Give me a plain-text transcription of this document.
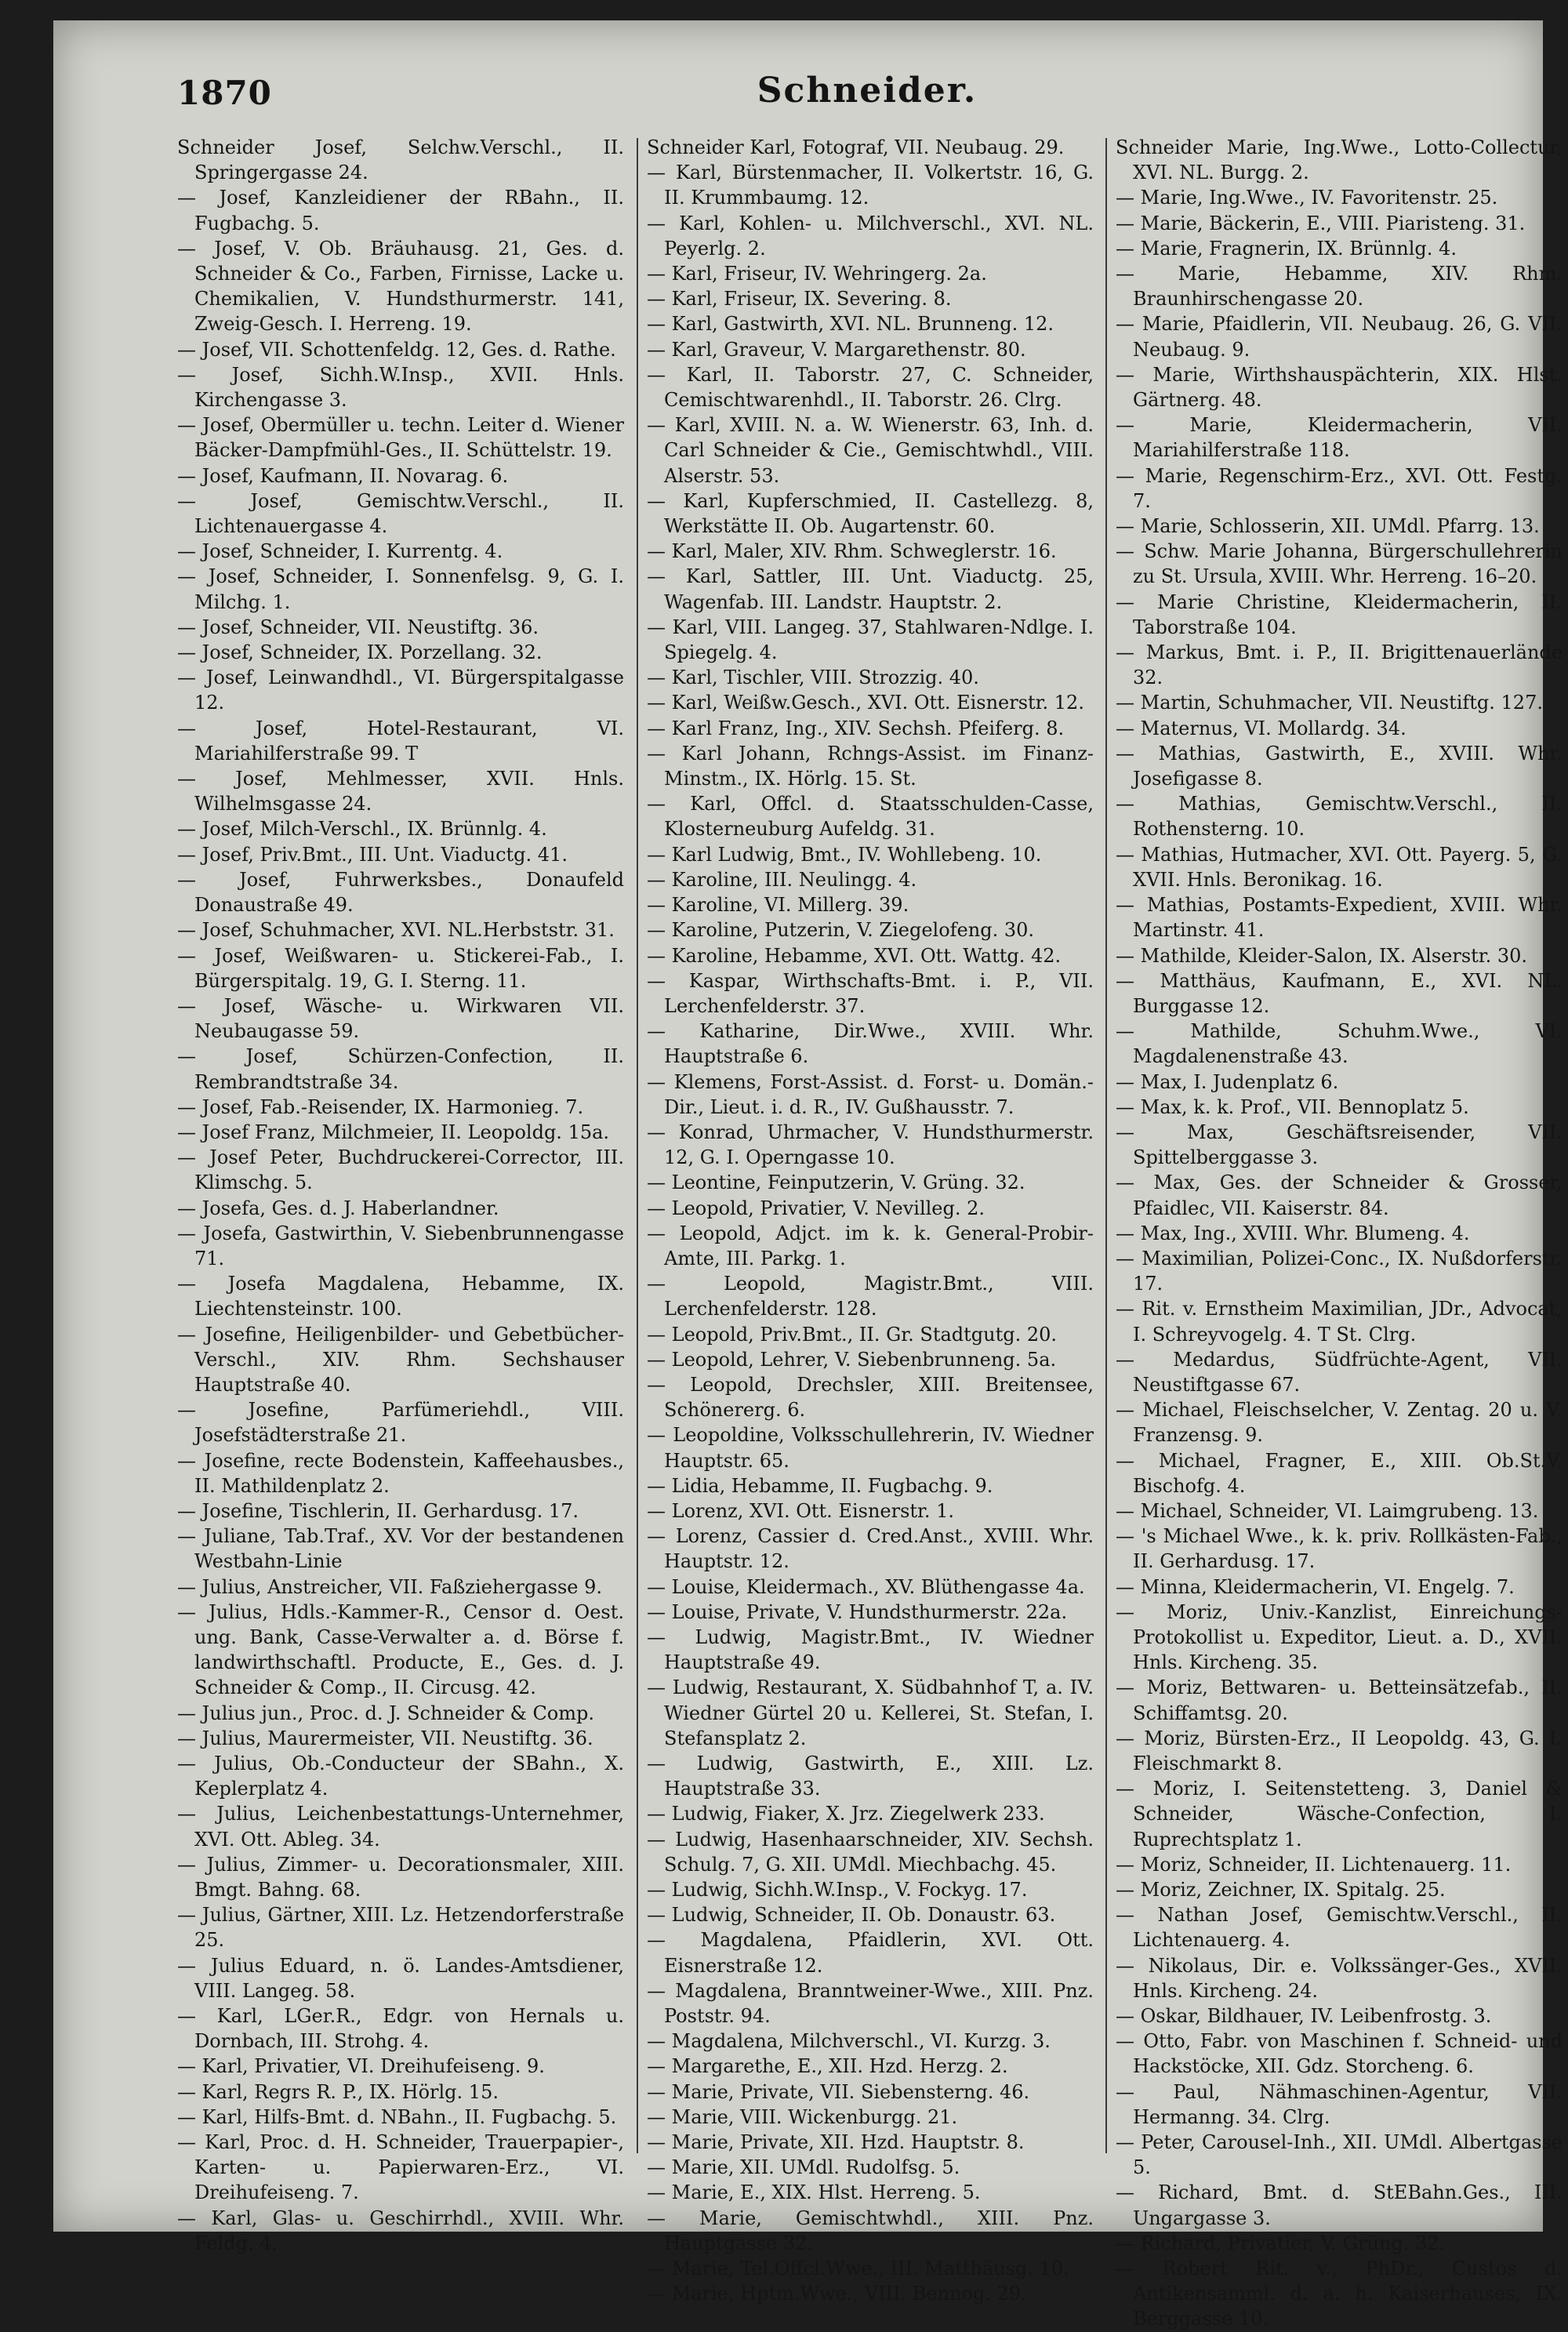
1870	Schneider.

Schneider Josef, Selchw.Verschl., II. Springergasse 24.

— Josef, Kanzleidiener der RBahn., II. Fugbachg. 5.

— Josef, V. Ob. Bräuhausg. 21, Ges. d. Schneider & Co., Farben, Firnisse, Lacke u. Chemikalien, V. Hundsthurmerstr. 141, Zweig-Gesch. I. Herreng. 19.

— Josef, VII. Schottenfeldg. 12, Ges. d. Rathe.

— Josef, Sichh.W.Insp., XVII. Hnls. Kirchengasse 3.

— Josef, Obermüller u. techn. Leiter d. Wiener Bäcker-Dampfmühl-Ges., II. Schüttelstr. 19.

— Josef, Kaufmann, II. Novarag. 6.

— Josef, Gemischtw.Verschl., II. Lichtenauergasse 4.

— Josef, Schneider, I. Kurrentg. 4.

— Josef, Schneider, I. Sonnenfelsg. 9, G. I. Milchg. 1.

— Josef, Schneider, VII. Neustiftg. 36.

— Josef, Schneider, IX. Porzellang. 32.

— Josef, Leinwandhdl., VI. Bürgerspitalgasse 12.

— Josef, Hotel-Restaurant, VI. Mariahilferstraße 99. T

— Josef, Mehlmesser, XVII. Hnls. Wilhelmsgasse 24.

— Josef, Milch-Verschl., IX. Brünnlg. 4.

— Josef, Priv.Bmt., III. Unt. Viaductg. 41.

— Josef, Fuhrwerksbes., Donaufeld Donaustraße 49.

— Josef, Schuhmacher, XVI. NL.Herbststr. 31.

— Josef, Weißwaren- u. Stickerei-Fab., I. Bürgerspitalg. 19, G. I. Sterng. 11.

— Josef, Wäsche- u. Wirkwaren VII. Neubaugasse 59.

— Josef, Schürzen-Confection, II. Rembrandtstraße 34.

— Josef, Fab.-Reisender, IX. Harmonieg. 7.

— Josef Franz, Milchmeier, II. Leopoldg. 15a.

— Josef Peter, Buchdruckerei-Corrector, III. Klimschg. 5.

— Josefa, Ges. d. J. Haberlandner.

— Josefa, Gastwirthin, V. Siebenbrunnengasse 71.

— Josefa Magdalena, Hebamme, IX. Liechtensteinstr. 100.

— Josefine, Heiligenbilder- und Gebetbücher-Verschl., XIV. Rhm. Sechshauser Hauptstraße 40.

— Josefine, Parfümeriehdl., VIII. Josefstädterstraße 21.

— Josefine, recte Bodenstein, Kaffeehausbes., II. Mathildenplatz 2.

— Josefine, Tischlerin, II. Gerhardusg. 17.

— Juliane, Tab.Traf., XV. Vor der bestandenen Westbahn-Linie

— Julius, Anstreicher, VII. Faßziehergasse 9.

— Julius, Hdls.-Kammer-R., Censor d. Oest. ung. Bank, Casse-Verwalter a. d. Börse f. landwirthschaftl. Producte, E., Ges. d. J. Schneider & Comp., II. Circusg. 42.

— Julius jun., Proc. d. J. Schneider & Comp.

— Julius, Maurermeister, VII. Neustiftg. 36.

— Julius, Ob.-Conducteur der SBahn., X. Keplerplatz 4.

— Julius, Leichenbestattungs-Unternehmer, XVI. Ott. Ableg. 34.

— Julius, Zimmer- u. Decorationsmaler, XIII. Bmgt. Bahng. 68.

— Julius, Gärtner, XIII. Lz. Hetzendorferstraße 25.

— Julius Eduard, n. ö. Landes-Amtsdiener, VIII. Langeg. 58.

— Karl, LGer.R., Edgr. von Hernals u. Dornbach, III. Strohg. 4.

— Karl, Privatier, VI. Dreihufeiseng. 9.

— Karl, Regrs R. P., IX. Hörlg. 15.

— Karl, Hilfs-Bmt. d. NBahn., II. Fugbachg. 5.

— Karl, Proc. d. H. Schneider, Trauerpapier-, Karten- u. Papierwaren-Erz., VI. Dreihufeiseng. 7.

— Karl, Glas- u. Geschirrhdl., XVIII. Whr. Feldg. 4.

Schneider Karl, Fotograf, VII. Neubaug. 29.

— Karl, Bürstenmacher, II. Volkertstr. 16, G. II. Krummbaumg. 12.

— Karl, Kohlen- u. Milchverschl., XVI. NL. Peyerlg. 2.

— Karl, Friseur, IV. Wehringerg. 2a.

— Karl, Friseur, IX. Severing. 8.

— Karl, Gastwirth, XVI. NL. Brunneng. 12.

— Karl, Graveur, V. Margarethenstr. 80.

— Karl, II. Taborstr. 27, C. Schneider, Cemischtwarenhdl., II. Taborstr. 26. Clrg.

— Karl, XVIII. N. a. W. Wienerstr. 63, Inh. d. Carl Schneider & Cie., Gemischtwhdl., VIII. Alserstr. 53.

— Karl, Kupferschmied, II. Castellezg. 8, Werkstätte II. Ob. Augartenstr. 60.

— Karl, Maler, XIV. Rhm. Schweglerstr. 16.

— Karl, Sattler, III. Unt. Viaductg. 25, Wagenfab. III. Landstr. Hauptstr. 2.

— Karl, VIII. Langeg. 37, Stahlwaren-Ndlge. I. Spiegelg. 4.

— Karl, Tischler, VIII. Strozzig. 40.

— Karl, Weißw.Gesch., XVI. Ott. Eisnerstr. 12.

— Karl Franz, Ing., XIV. Sechsh. Pfeiferg. 8.

— Karl Johann, Rchngs-Assist. im Finanz-Minstm., IX. Hörlg. 15. St.

— Karl, Offcl. d. Staatsschulden-Casse, Klosterneuburg Aufeldg. 31.

— Karl Ludwig, Bmt., IV. Wohllebeng. 10.

— Karoline, III. Neulingg. 4.

— Karoline, VI. Millerg. 39.

— Karoline, Putzerin, V. Ziegelofeng. 30.

— Karoline, Hebamme, XVI. Ott. Wattg. 42.

— Kaspar, Wirthschafts-Bmt. i. P., VII. Lerchenfelderstr. 37.

— Katharine, Dir.Wwe., XVIII. Whr. Hauptstraße 6.

— Klemens, Forst-Assist. d. Forst- u. Domän.-Dir., Lieut. i. d. R., IV. Gußhausstr. 7.

— Konrad, Uhrmacher, V. Hundsthurmerstr. 12, G. I. Operngasse 10.

— Leontine, Feinputzerin, V. Grüng. 32.

— Leopold, Privatier, V. Nevilleg. 2.

— Leopold, Adjct. im k. k. General-Probir-Amte, III. Parkg. 1.

— Leopold, Magistr.Bmt., VIII. Lerchenfelderstr. 128.

— Leopold, Priv.Bmt., II. Gr. Stadtgutg. 20.

— Leopold, Lehrer, V. Siebenbrunneng. 5a.

— Leopold, Drechsler, XIII. Breitensee, Schönererg. 6.

— Leopoldine, Volksschullehrerin, IV. Wiedner Hauptstr. 65.

— Lidia, Hebamme, II. Fugbachg. 9.

— Lorenz, XVI. Ott. Eisnerstr. 1.

— Lorenz, Cassier d. Cred.Anst., XVIII. Whr. Hauptstr. 12.

— Louise, Kleidermach., XV. Blüthengasse 4a.

— Louise, Private, V. Hundsthurmerstr. 22a.

— Ludwig, Magistr.Bmt., IV. Wiedner Hauptstraße 49.

— Ludwig, Restaurant, X. Südbahnhof T, a. IV. Wiedner Gürtel 20 u. Kellerei, St. Stefan, I. Stefansplatz 2.

— Ludwig, Gastwirth, E., XIII. Lz. Hauptstraße 33.

— Ludwig, Fiaker, X. Jrz. Ziegelwerk 233.

— Ludwig, Hasenhaarschneider, XIV. Sechsh. Schulg. 7, G. XII. UMdl. Miechbachg. 45.

— Ludwig, Sichh.W.Insp., V. Fockyg. 17.

— Ludwig, Schneider, II. Ob. Donaustr. 63.

— Magdalena, Pfaidlerin, XVI. Ott. Eisnerstraße 12.

— Magdalena, Branntweiner-Wwe., XIII. Pnz. Poststr. 94.

— Magdalena, Milchverschl., VI. Kurzg. 3.

— Margarethe, E., XII. Hzd. Herzg. 2.

— Marie, Private, VII. Siebensterng. 46.

— Marie, VIII. Wickenburgg. 21.

— Marie, Private, XII. Hzd. Hauptstr. 8.

— Marie, XII. UMdl. Rudolfsg. 5.

— Marie, E., XIX. Hlst. Herreng. 5.

— Marie, Gemischtwhdl., XIII. Pnz. Hauptgasse 32.

— Marie, Tel.Offcl.Wwe., III. Matthäusg. 10.

— Marie, Hptm.Wwe., VIII. Bennog. 29.

Schneider Marie, Ing.Wwe., Lotto-Collectur, XVI. NL. Burgg. 2.

— Marie, Ing.Wwe., IV. Favoritenstr. 25.

— Marie, Bäckerin, E., VIII. Piaristeng. 31.

— Marie, Fragnerin, IX. Brünnlg. 4.

— Marie, Hebamme, XIV. Rhm. Braunhirschengasse 20.

— Marie, Pfaidlerin, VII. Neubaug. 26, G. VII. Neubaug. 9.

— Marie, Wirthshauspächterin, XIX. Hlst. Gärtnerg. 48.

— Marie, Kleidermacherin, VII. Mariahilferstraße 118.

— Marie, Regenschirm-Erz., XVI. Ott. Festg. 7.

— Marie, Schlosserin, XII. UMdl. Pfarrg. 13.

— Schw. Marie Johanna, Bürgerschullehrerin zu St. Ursula, XVIII. Whr. Herreng. 16–20.

— Marie Christine, Kleidermacherin, II. Taborstraße 104.

— Markus, Bmt. i. P., II. Brigittenauerlände 32.

— Martin, Schuhmacher, VII. Neustiftg. 127.

— Maternus, VI. Mollardg. 34.

— Mathias, Gastwirth, E., XVIII. Whr. Josefigasse 8.

— Mathias, Gemischtw.Verschl., II. Rothensterng. 10.

— Mathias, Hutmacher, XVI. Ott. Payerg. 5, G. XVII. Hnls. Beronikag. 16.

— Mathias, Postamts-Expedient, XVIII. Whr. Martinstr. 41.

— Mathilde, Kleider-Salon, IX. Alserstr. 30.

— Matthäus, Kaufmann, E., XVI. NL. Burggasse 12.

— Mathilde, Schuhm.Wwe., VI. Magdalenenstraße 43.

— Max, I. Judenplatz 6.

— Max, k. k. Prof., VII. Bennoplatz 5.

— Max, Geschäftsreisender, VII. Spittelberggasse 3.

— Max, Ges. der Schneider & Grosser, Pfaidlec, VII. Kaiserstr. 84.

— Max, Ing., XVIII. Whr. Blumeng. 4.

— Maximilian, Polizei-Conc., IX. Nußdorferstr. 17.

— Rit. v. Ernstheim Maximilian, JDr., Advocat, I. Schreyvogelg. 4. T St. Clrg.

— Medardus, Südfrüchte-Agent, VII. Neustiftgasse 67.

— Michael, Fleischselcher, V. Zentag. 20 u. V. Franzensg. 9.

— Michael, Fragner, E., XIII. Ob.St.V. Bischofg. 4.

— Michael, Schneider, VI. Laimgrubeng. 13.

— 's Michael Wwe., k. k. priv. Rollkästen-Fab., II. Gerhardusg. 17.

— Minna, Kleidermacherin, VI. Engelg. 7.

— Moriz, Univ.-Kanzlist, Einreichungs-Protokollist u. Expeditor, Lieut. a. D., XVII. Hnls. Kircheng. 35.

— Moriz, Bettwaren- u. Betteinsätzefab., II. Schiffamtsg. 20.

— Moriz, Bürsten-Erz., II Leopoldg. 43, G. I. Fleischmarkt 8.

— Moriz, I. Seitenstetteng. 3, Daniel & Schneider, Wäsche-Confection, I. Ruprechtsplatz 1.

— Moriz, Schneider, II. Lichtenauerg. 11.

— Moriz, Zeichner, IX. Spitalg. 25.

— Nathan Josef, Gemischtw.Verschl., II. Lichtenauerg. 4.

— Nikolaus, Dir. e. Volkssänger-Ges., XVII. Hnls. Kircheng. 24.

— Oskar, Bildhauer, IV. Leibenfrostg. 3.

— Otto, Fabr. von Maschinen f. Schneid- und Hackstöcke, XII. Gdz. Storcheng. 6.

— Paul, Nähmaschinen-Agentur, VII. Hermanng. 34. Clrg.

— Peter, Carousel-Inh., XII. UMdl. Albertgasse 5.

— Richard, Bmt. d. StEBahn.Ges., III. Ungargasse 3.

— Richard, Privatier, V. Grüng. 32.

— Robert Rit. v., PhDr., Custos d. Antikensamml. d. a. h. Kaiserhauses, IX. Berggasse 10.
